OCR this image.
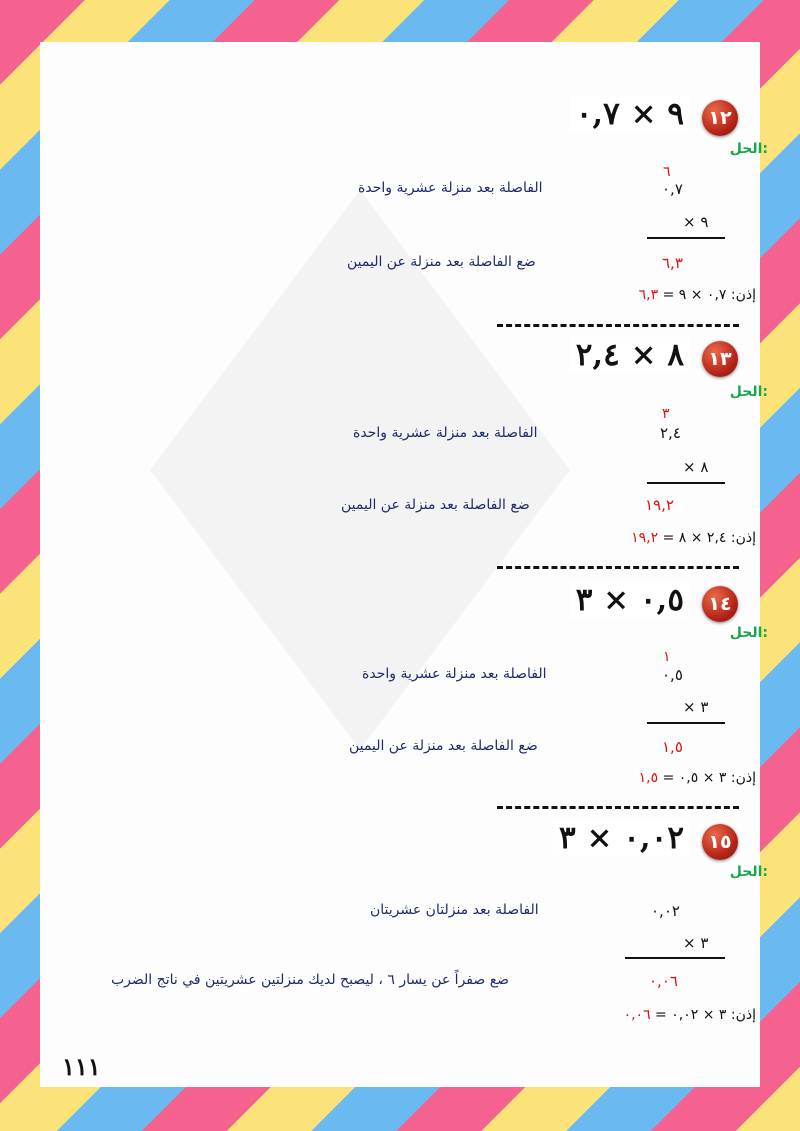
٩ × ٠,٧	١٢
الحل:
٦
الفاصلة بعد منزلة عشرية واحدة	٠,٧
× ٩
ضع الفاصلة بعد منزلة عن اليمين	٦,٣
إذن: ٠,٧ × ٩ = ٦,٣
٨ × ٢,٤	١٣
الحل:
٣
الفاصلة بعد منزلة عشرية واحدة	٢,٤
× ٨
ضع الفاصلة بعد منزلة عن اليمين	١٩,٢
إذن: ٢,٤ × ٨ = ١٩,٢
٠,٥ × ٣	١٤
الحل:
١
الفاصلة بعد منزلة عشرية واحدة	٠,٥
× ٣
ضع الفاصلة بعد منزلة عن اليمين	١,٥
إذن: ٣ × ٠,٥ = ١,٥
٠,٠٢ × ٣	١٥
الحل:
الفاصلة بعد منزلتان عشريتان	٠,٠٢
× ٣
ضع صفراً عن يسار ٦ ، ليصبح لديك منزلتين عشريتين في ناتج الضرب	٠,٠٦
إذن: ٣ × ٠,٠٢ = ٠,٠٦
١١١
